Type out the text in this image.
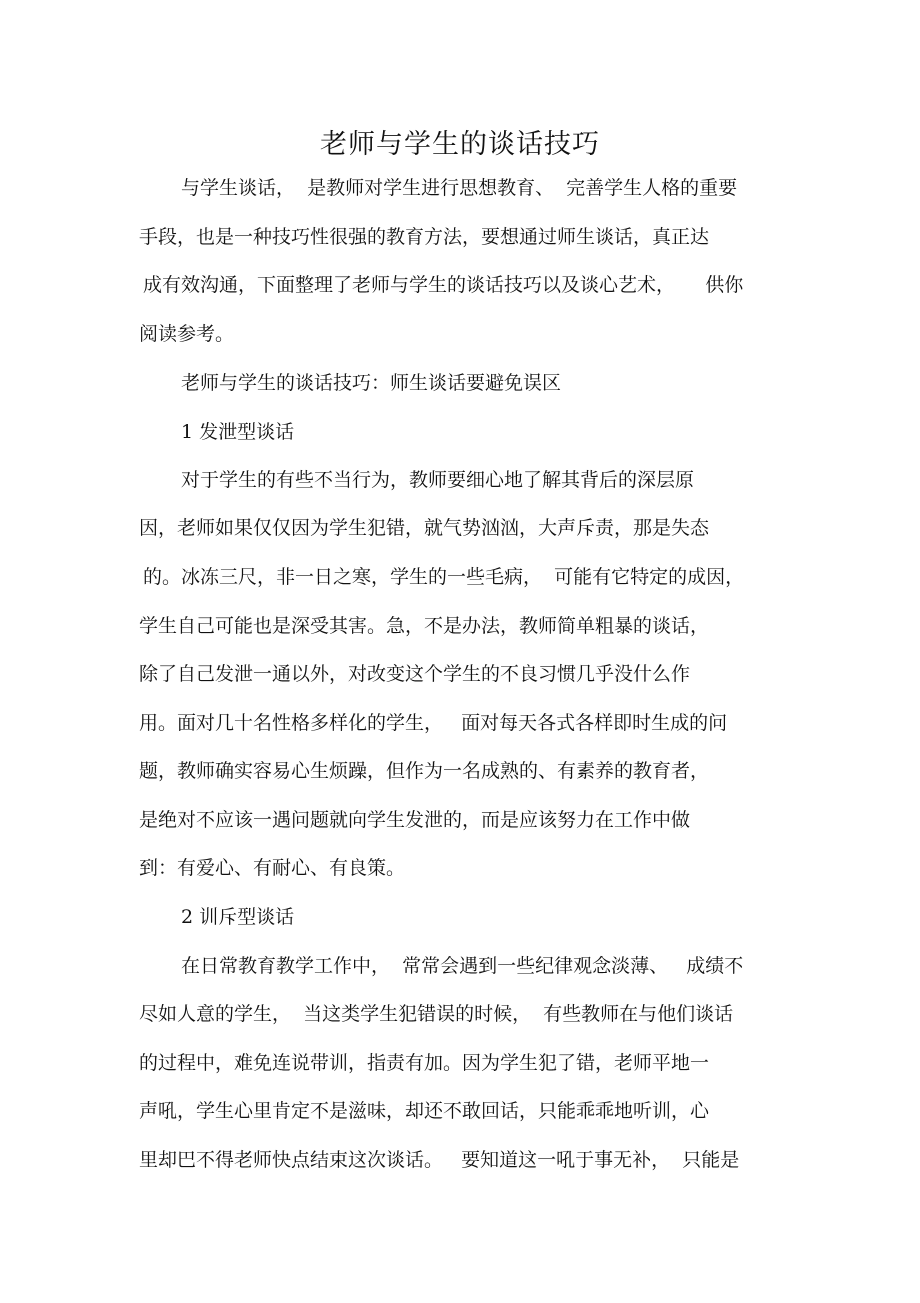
老师与学生的谈话技巧
与学生谈话，  是教师对学生进行思想教育、  完善学生人格的重要
手段，也是一种技巧性很强的教育方法，要想通过师生谈话，真正达
成有效沟通，下面整理了老师与学生的谈话技巧以及谈心艺术，     供你
阅读参考。
老师与学生的谈话技巧：师生谈话要避免误区
1 发泄型谈话
对于学生的有些不当行为，教师要细心地了解其背后的深层原
因，老师如果仅仅因为学生犯错，就气势汹汹，大声斥责，那是失态
的。冰冻三尺，非一日之寒，学生的一些毛病，  可能有它特定的成因，
学生自己可能也是深受其害。急，不是办法，教师简单粗暴的谈话，
除了自己发泄一通以外，对改变这个学生的不良习惯几乎没什么作
用。面对几十名性格多样化的学生，   面对每天各式各样即时生成的问
题，教师确实容易心生烦躁，但作为一名成熟的、有素养的教育者，
是绝对不应该一遇问题就向学生发泄的，而是应该努力在工作中做
到：有爱心、有耐心、有良策。
2 训斥型谈话
在日常教育教学工作中，  常常会遇到一些纪律观念淡薄、   成绩不
尽如人意的学生，  当这类学生犯错误的时候，  有些教师在与他们谈话
的过程中，难免连说带训，指责有加。因为学生犯了错，老师平地一
声吼，学生心里肯定不是滋味，却还不敢回话，只能乖乖地听训，心
里却巴不得老师快点结束这次谈话。   要知道这一吼于事无补，  只能是
